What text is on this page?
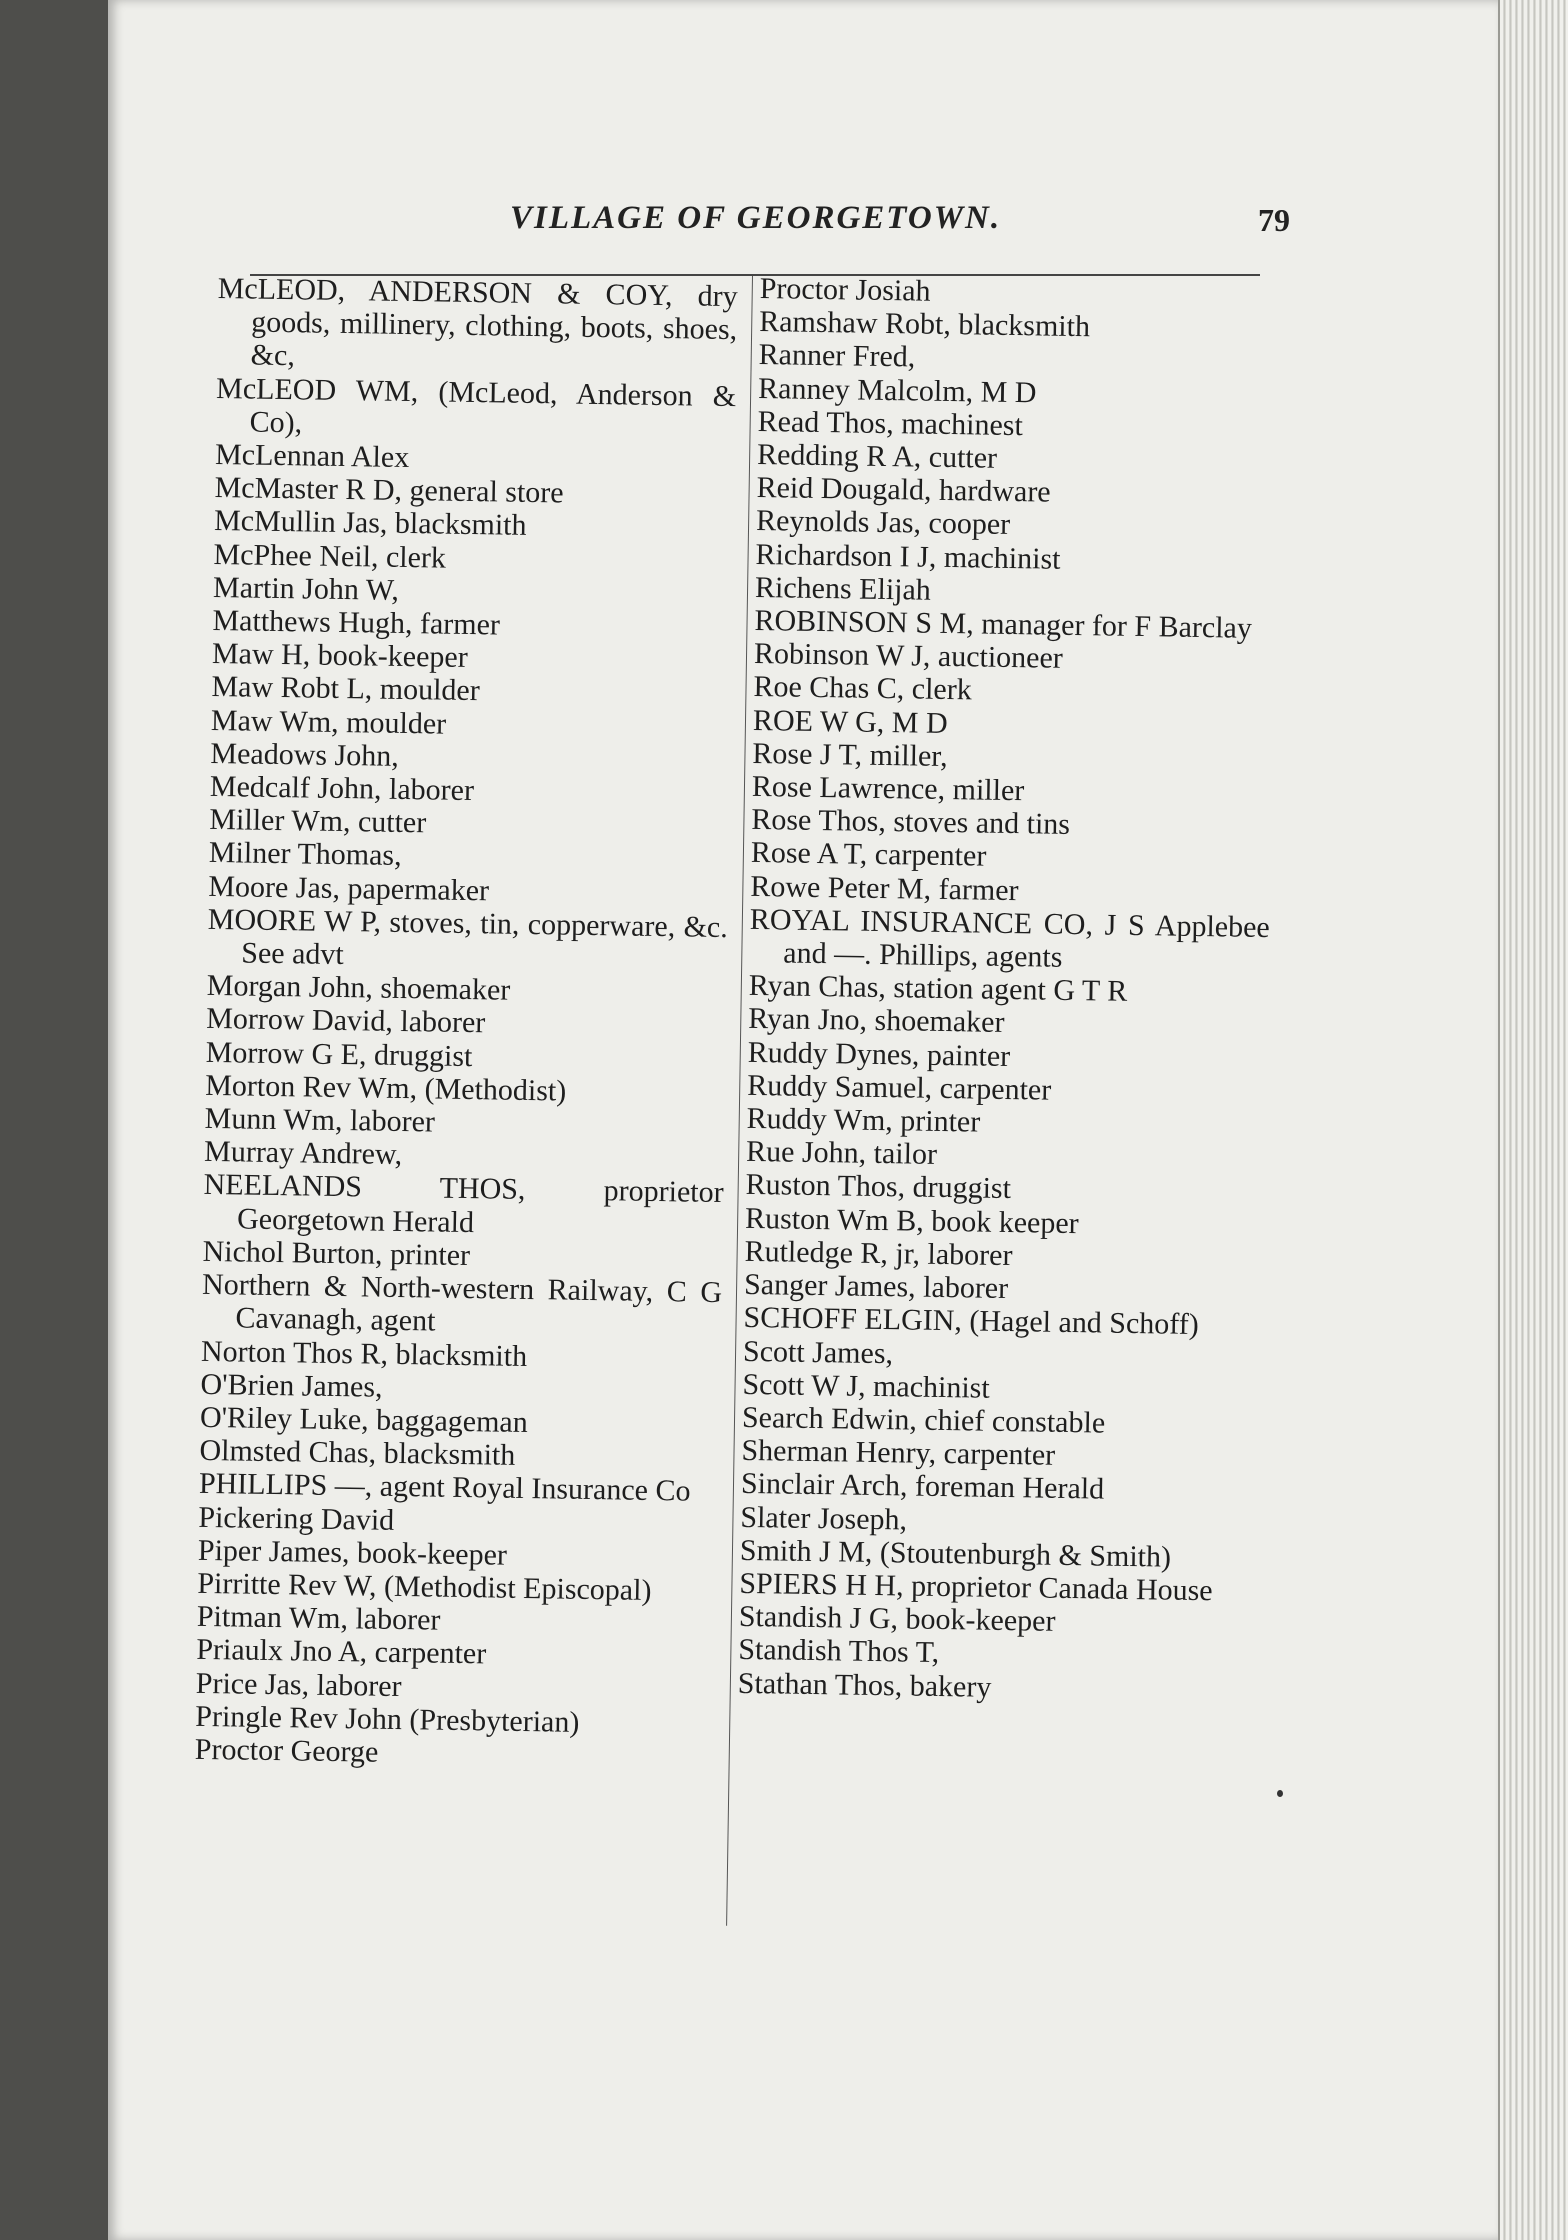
VILLAGE OF GEORGETOWN.	79

McLEOD, ANDERSON & COY, dry goods, millinery, clothing, boots, shoes, &c,

McLEOD WM, (McLeod, Anderson & Co),

McLennan Alex

McMaster R D, general store

McMullin Jas, blacksmith

McPhee Neil, clerk

Martin John W,

Matthews Hugh, farmer

Maw H, book-keeper

Maw Robt L, moulder

Maw Wm, moulder

Meadows John,

Medcalf John, laborer

Miller Wm, cutter

Milner Thomas,

Moore Jas, papermaker

MOORE W P, stoves, tin, copperware, &c. See advt

Morgan John, shoemaker

Morrow David, laborer

Morrow G E, druggist

Morton Rev Wm, (Methodist)

Munn Wm, laborer

Murray Andrew,

NEELANDS THOS, proprietor Georgetown Herald

Nichol Burton, printer

Northern & North-western Railway, C G Cavanagh, agent

Norton Thos R, blacksmith

O'Brien James,

O'Riley Luke, baggageman

Olmsted Chas, blacksmith

PHILLIPS —, agent Royal Insurance Co

Pickering David

Piper James, book-keeper

Pirritte Rev W, (Methodist Episcopal)

Pitman Wm, laborer

Priaulx Jno A, carpenter

Price Jas, laborer

Pringle Rev John (Presbyterian)

Proctor George

Proctor Josiah

Ramshaw Robt, blacksmith

Ranner Fred,

Ranney Malcolm, M D

Read Thos, machinest

Redding R A, cutter

Reid Dougald, hardware

Reynolds Jas, cooper

Richardson I J, machinist

Richens Elijah

ROBINSON S M, manager for F Barclay

Robinson W J, auctioneer

Roe Chas C, clerk

ROE W G, M D

Rose J T, miller,

Rose Lawrence, miller

Rose Thos, stoves and tins

Rose A T, carpenter

Rowe Peter M, farmer

ROYAL INSURANCE CO, J S Applebee and —. Phillips, agents

Ryan Chas, station agent G T R

Ryan Jno, shoemaker

Ruddy Dynes, painter

Ruddy Samuel, carpenter

Ruddy Wm, printer

Rue John, tailor

Ruston Thos, druggist

Ruston Wm B, book keeper

Rutledge R, jr, laborer

Sanger James, laborer

SCHOFF ELGIN, (Hagel and Schoff)

Scott James,

Scott W J, machinist

Search Edwin, chief constable

Sherman Henry, carpenter

Sinclair Arch, foreman Herald

Slater Joseph,

Smith J M, (Stoutenburgh & Smith)

SPIERS H H, proprietor Canada House

Standish J G, book-keeper

Standish Thos T,

Stathan Thos, bakery
